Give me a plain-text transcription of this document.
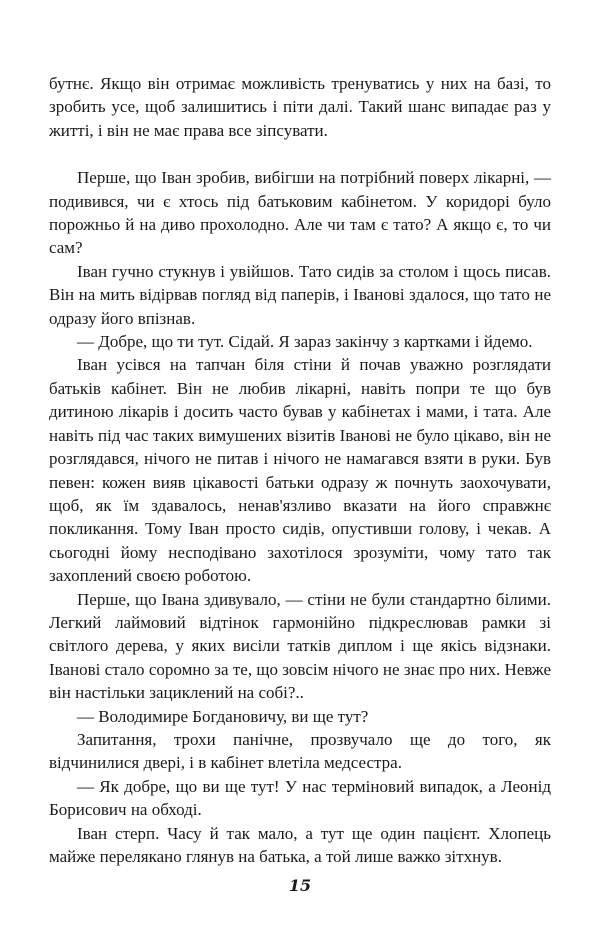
бутнє. Якщо він отримає можливість тренуватись у них на базі, то зробить усе, щоб залишитись і піти далі. Такий шанс випадає раз у житті, і він не має права все зіпсувати.

Перше, що Іван зробив, вибігши на потрібний поверх лікарні, — подивився, чи є хтось під батьковим кабінетом. У коридорі було порожньо й на диво прохолодно. Але чи там є тато? А якщо є, то чи сам?

Іван гучно стукнув і увійшов. Тато сидів за столом і щось писав. Він на мить відірвав погляд від паперів, і Іванові здалося, що тато не одразу його впізнав.

— Добре, що ти тут. Сідай. Я зараз закінчу з картками і йдемо.

Іван усівся на тапчан біля стіни й почав уважно розглядати батьків кабінет. Він не любив лікарні, навіть попри те що був дитиною лікарів і досить часто бував у кабінетах і мами, і тата. Але навіть під час таких вимушених візитів Іванові не було цікаво, він не розглядався, нічого не питав і нічого не намагався взяти в руки. Був певен: кожен вияв цікавості батьки одразу ж почнуть заохочувати, щоб, як їм здавалось, ненав'язливо вказати на його справжнє покликання. Тому Іван просто сидів, опустивши голову, і чекав. А сьогодні йому несподівано захотілося зрозуміти, чому тато так захоплений своєю роботою.

Перше, що Івана здивувало, — стіни не були стандартно білими. Легкий лаймовий відтінок гармонійно підкреслював рамки зі світлого дерева, у яких висіли татків диплом і ще якісь відзнаки. Іванові стало соромно за те, що зовсім нічого не знає про них. Невже він настільки зациклений на собі?..

— Володимире Богдановичу, ви ще тут?

Запитання, трохи панічне, прозвучало ще до того, як відчинилися двері, і в кабінет влетіла медсестра.

— Як добре, що ви ще тут! У нас терміновий випадок, а Леонід Борисович на обході.

Іван стерп. Часу й так мало, а тут ще один пацієнт. Хлопець майже перелякано глянув на батька, а той лише важко зітхнув.

15
